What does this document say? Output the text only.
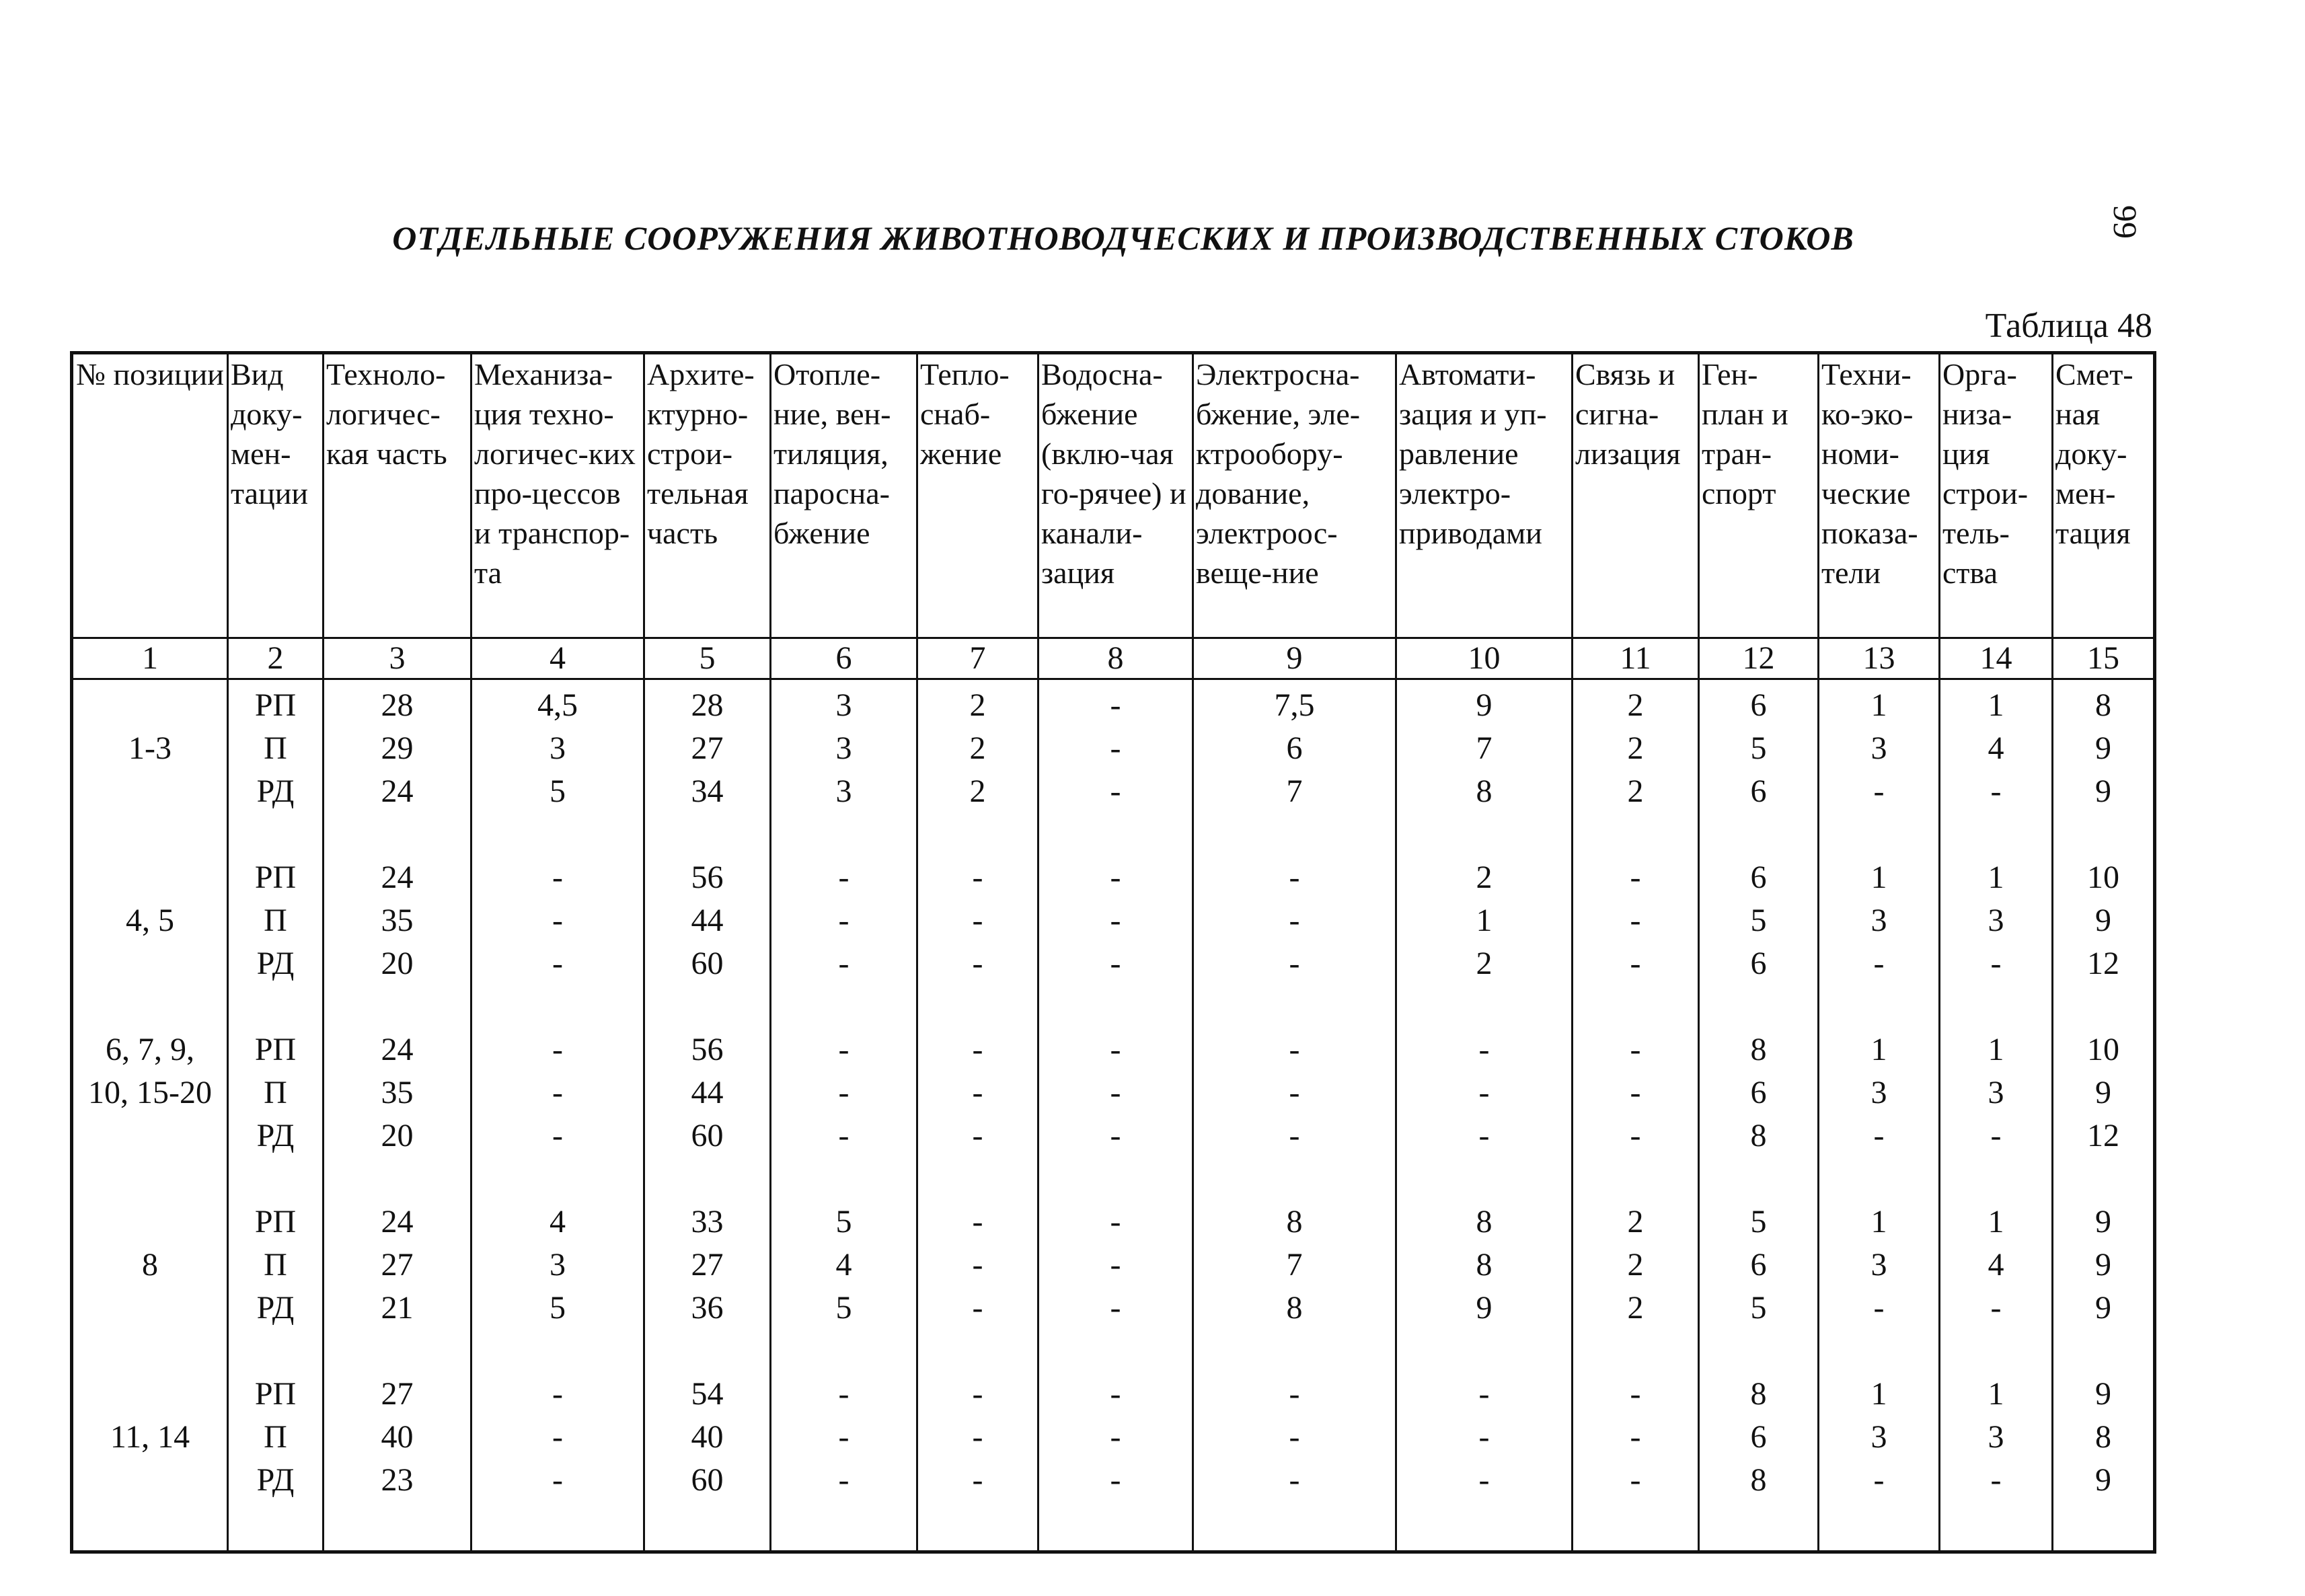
99
ОТДЕЛЬНЫЕ СООРУЖЕНИЯ ЖИВОТНОВОДЧЕСКИХ И ПРОИЗВОДСТВЕННЫХ СТОКОВ
Таблица 48
№ позиции	Вид доку-мен-тации	Техноло-логичес-кая часть	Механиза-ция техно-логичес-ких про-цессов и транспор-та	Архите-ктурно-строи-тельная часть	Отопле-ние, вен-тиляция, паросна-бжение	Тепло-снаб-жение	Водосна-бжение (вклю-чая го-рячее) и канали-зация	Электросна-бжение, эле-ктрообору-дование, электроос-веще-ние	Автомати-зация и уп-равление электро-приводами	Связь и сигна-лизация	Ген-план и тран-спорт	Техни-ко-эко-номи-ческие показа-тели	Орга-низа-ция строи-тель-ства	Смет-ная доку-мен-тация
1	2	3	4	5	6	7	8	9	10	11	12	13	14	15
	РП	28	4,5	28	3	2	-	7,5	9	2	6	1	1	8
1-3	П	29	3	27	3	2	-	6	7	2	5	3	4	9
	РД	24	5	34	3	2	-	7	8	2	6	-	-	9

	РП	24	-	56	-	-	-	-	2	-	6	1	1	10
4, 5	П	35	-	44	-	-	-	-	1	-	5	3	3	9
	РД	20	-	60	-	-	-	-	2	-	6	-	-	12

6, 7, 9,	РП	24	-	56	-	-	-	-	-	-	8	1	1	10
10, 15-20	П	35	-	44	-	-	-	-	-	-	6	3	3	9
	РД	20	-	60	-	-	-	-	-	-	8	-	-	12

	РП	24	4	33	5	-	-	8	8	2	5	1	1	9
8	П	27	3	27	4	-	-	7	8	2	6	3	4	9
	РД	21	5	36	5	-	-	8	9	2	5	-	-	9

	РП	27	-	54	-	-	-	-	-	-	8	1	1	9
11, 14	П	40	-	40	-	-	-	-	-	-	6	3	3	8
	РД	23	-	60	-	-	-	-	-	-	8	-	-	9
